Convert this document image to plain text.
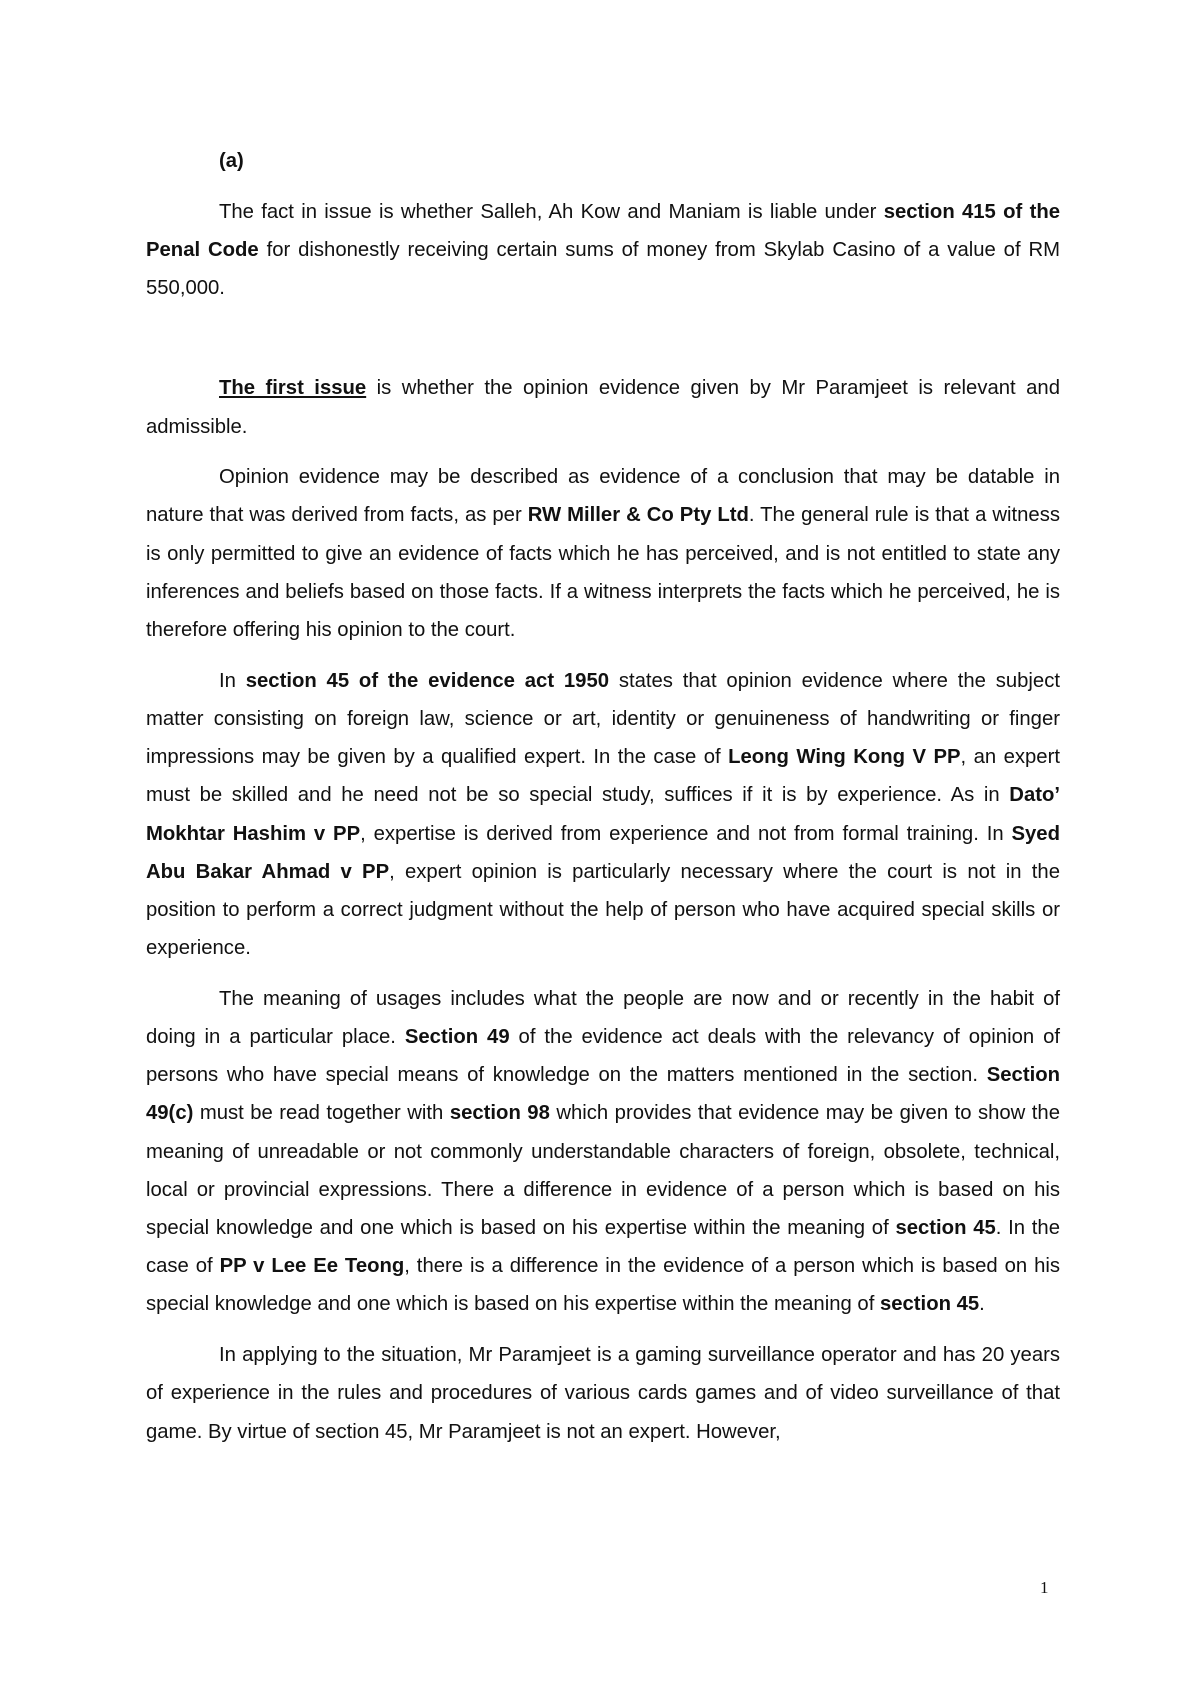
(a)

The fact in issue is whether Salleh, Ah Kow and Maniam is liable under section 415 of the Penal Code for dishonestly receiving certain sums of money from Skylab Casino of a value of RM 550,000.

The first issue is whether the opinion evidence given by Mr Paramjeet is relevant and admissible.

Opinion evidence may be described as evidence of a conclusion that may be datable in nature that was derived from facts, as per RW Miller & Co Pty Ltd. The general rule is that a witness is only permitted to give an evidence of facts which he has perceived, and is not entitled to state any inferences and beliefs based on those facts. If a witness interprets the facts which he perceived, he is therefore offering his opinion to the court.

In section 45 of the evidence act 1950 states that opinion evidence where the subject matter consisting on foreign law, science or art, identity or genuineness of handwriting or finger impressions may be given by a qualified expert. In the case of Leong Wing Kong V PP, an expert must be skilled and he need not be so special study, suffices if it is by experience. As in Dato’ Mokhtar Hashim v PP, expertise is derived from experience and not from formal training. In Syed Abu Bakar Ahmad v PP, expert opinion is particularly necessary where the court is not in the position to perform a correct judgment without the help of person who have acquired special skills or experience.

The meaning of usages includes what the people are now and or recently in the habit of doing in a particular place. Section 49 of the evidence act deals with the relevancy of opinion of persons who have special means of knowledge on the matters mentioned in the section. Section 49(c) must be read together with section 98 which provides that evidence may be given to show the meaning of unreadable or not commonly understandable characters of foreign, obsolete, technical, local or provincial expressions. There a difference in evidence of a person which is based on his special knowledge and one which is based on his expertise within the meaning of section 45. In the case of PP v Lee Ee Teong, there is a difference in the evidence of a person which is based on his special knowledge and one which is based on his expertise within the meaning of section 45.

In applying to the situation, Mr Paramjeet is a gaming surveillance operator and has 20 years of experience in the rules and procedures of various cards games and of video surveillance of that game. By virtue of section 45, Mr Paramjeet is not an expert. However,

1
